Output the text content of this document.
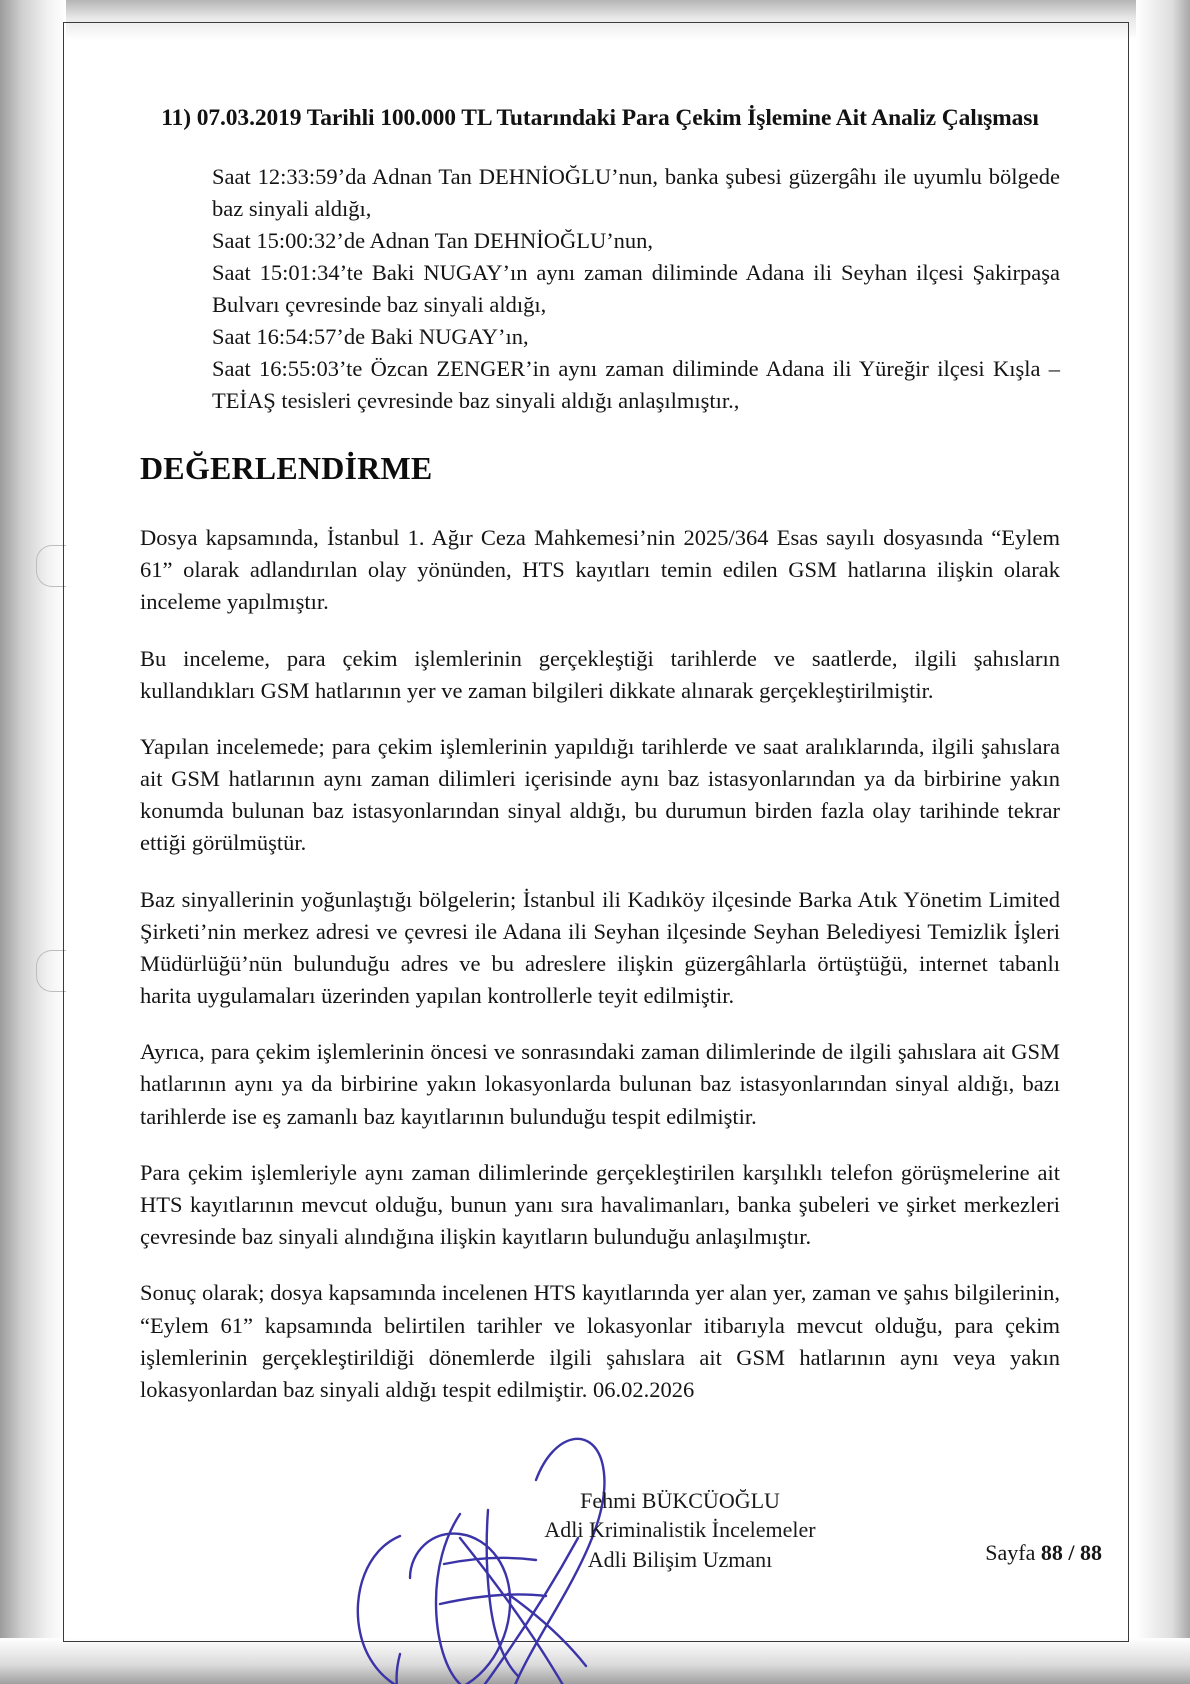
11) 07.03.2019 Tarihli 100.000 TL Tutarındaki Para Çekim İşlemine Ait Analiz Çalışması
Saat 12:33:59’da Adnan Tan DEHNİOĞLU’nun, banka şubesi güzergâhı ile uyumlu bölgede baz sinyali aldığı,
Saat 15:00:32’de Adnan Tan DEHNİOĞLU’nun,
Saat 15:01:34’te Baki NUGAY’ın aynı zaman diliminde Adana ili Seyhan ilçesi Şakirpaşa Bulvarı çevresinde baz sinyali aldığı,
Saat 16:54:57’de Baki NUGAY’ın,
Saat 16:55:03’te Özcan ZENGER’in aynı zaman diliminde Adana ili Yüreğir ilçesi Kışla – TEİAŞ tesisleri çevresinde baz sinyali aldığı anlaşılmıştır.,
DEĞERLENDİRME

Dosya kapsamında, İstanbul 1. Ağır Ceza Mahkemesi’nin 2025/364 Esas sayılı dosyasında “Eylem 61” olarak adlandırılan olay yönünden, HTS kayıtları temin edilen GSM hatlarına ilişkin olarak inceleme yapılmıştır.

Bu inceleme, para çekim işlemlerinin gerçekleştiği tarihlerde ve saatlerde, ilgili şahısların kullandıkları GSM hatlarının yer ve zaman bilgileri dikkate alınarak gerçekleştirilmiştir.

Yapılan incelemede; para çekim işlemlerinin yapıldığı tarihlerde ve saat aralıklarında, ilgili şahıslara ait GSM hatlarının aynı zaman dilimleri içerisinde aynı baz istasyonlarından ya da birbirine yakın konumda bulunan baz istasyonlarından sinyal aldığı, bu durumun birden fazla olay tarihinde tekrar ettiği görülmüştür.

Baz sinyallerinin yoğunlaştığı bölgelerin; İstanbul ili Kadıköy ilçesinde Barka Atık Yönetim Limited Şirketi’nin merkez adresi ve çevresi ile Adana ili Seyhan ilçesinde Seyhan Belediyesi Temizlik İşleri Müdürlüğü’nün bulunduğu adres ve bu adreslere ilişkin güzergâhlarla örtüştüğü, internet tabanlı harita uygulamaları üzerinden yapılan kontrollerle teyit edilmiştir.

Ayrıca, para çekim işlemlerinin öncesi ve sonrasındaki zaman dilimlerinde de ilgili şahıslara ait GSM hatlarının aynı ya da birbirine yakın lokasyonlarda bulunan baz istasyonlarından sinyal aldığı, bazı tarihlerde ise eş zamanlı baz kayıtlarının bulunduğu tespit edilmiştir.

Para çekim işlemleriyle aynı zaman dilimlerinde gerçekleştirilen karşılıklı telefon görüşmelerine ait HTS kayıtlarının mevcut olduğu, bunun yanı sıra havalimanları, banka şubeleri ve şirket merkezleri çevresinde baz sinyali alındığına ilişkin kayıtların bulunduğu anlaşılmıştır.

Sonuç olarak; dosya kapsamında incelenen HTS kayıtlarında yer alan yer, zaman ve şahıs bilgilerinin, “Eylem 61” kapsamında belirtilen tarihler ve lokasyonlar itibarıyla mevcut olduğu, para çekim işlemlerinin gerçekleştirildiği dönemlerde ilgili şahıslara ait GSM hatlarının aynı veya yakın lokasyonlardan baz sinyali aldığı tespit edilmiştir. 06.02.2026

Fehmi BÜKCÜOĞLU
Adli Kriminalistik İncelemeler
Adli Bilişim Uzmanı	Sayfa 88 / 88
